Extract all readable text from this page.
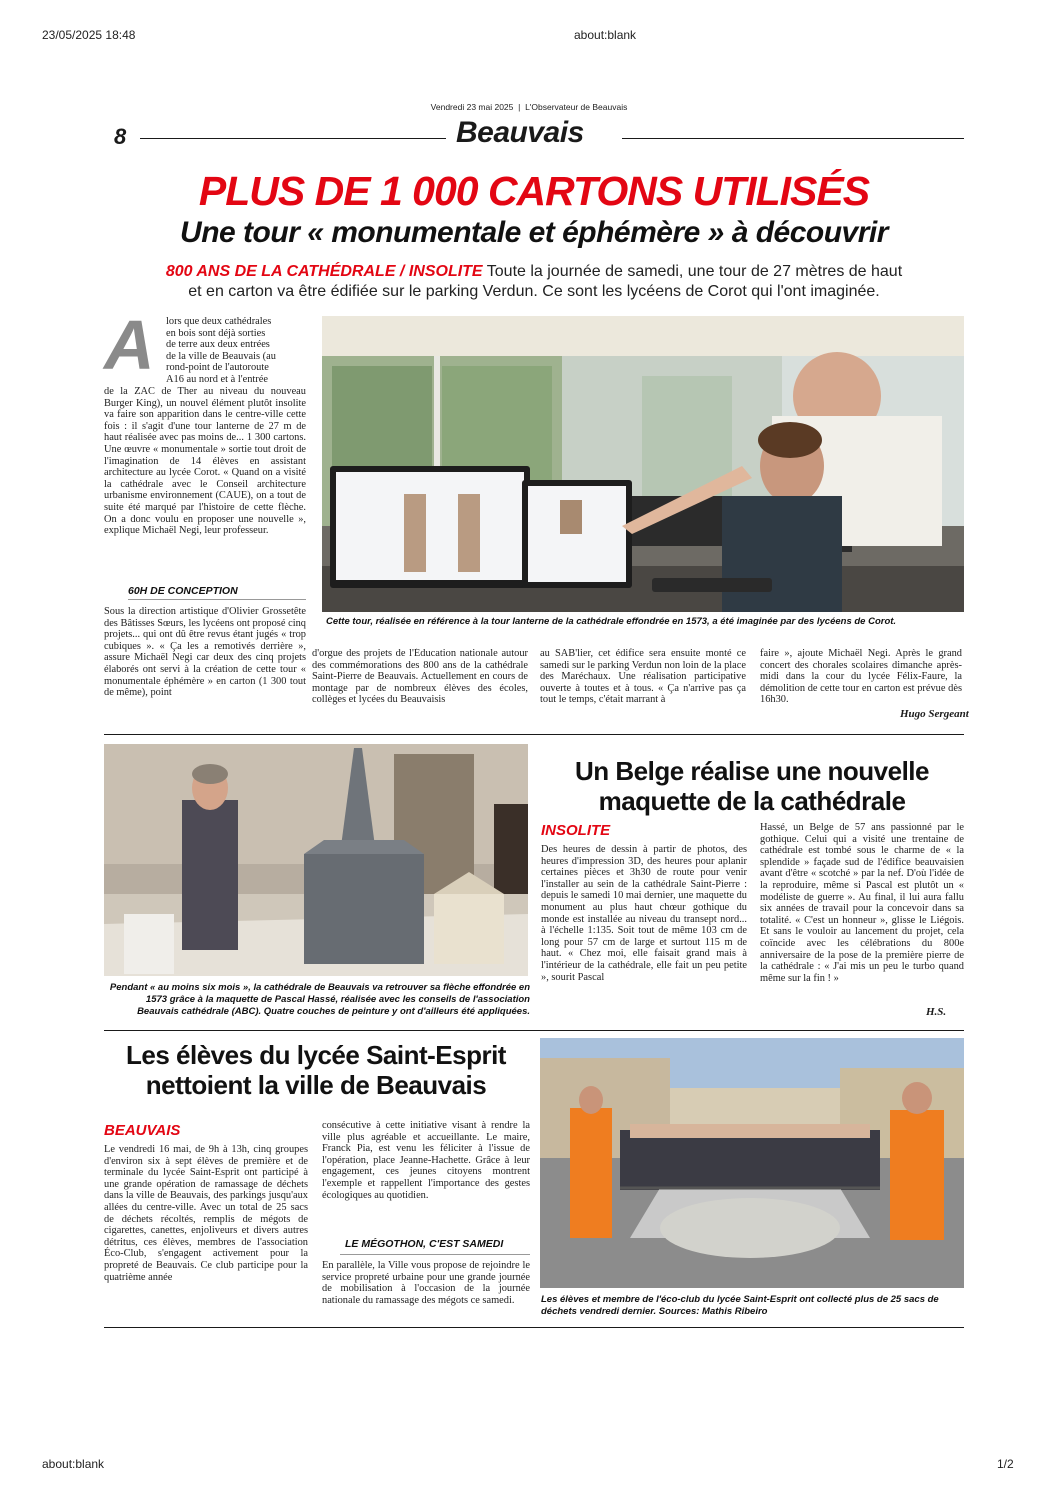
23/05/2025 18:48	about:blank
about:blank	1/2
Vendredi 23 mai 2025 | L'Observateur de Beauvais
8	Beauvais
PLUS DE 1 000 CARTONS UTILISÉS
Une tour « monumentale et éphémère » à découvrir
800 ANS DE LA CATHÉDRALE / INSOLITE Toute la journée de samedi, une tour de 27 mètres de haut
et en carton va être édifiée sur le parking Verdun. Ce sont les lycéens de Corot qui l'ont imaginée.
A lors que deux cathédrales
en bois sont déjà sorties
de terre aux deux entrées
de la ville de Beauvais (au
rond-point de l'autoroute
A16 au nord et à l'entrée
de la ZAC de Ther au niveau du nouveau Burger King), un nouvel élément plutôt insolite va faire son apparition dans le centre-ville cette fois : il s'agit d'une tour lanterne de 27 m de haut réalisée avec pas moins de... 1 300 cartons. Une œuvre « monumentale » sortie tout droit de l'imagination de 14 élèves en assistant architecture au lycée Corot. « Quand on a visité la cathédrale avec le Conseil architecture urbanisme environnement (CAUE), on a tout de suite été marqué par l'histoire de cette flèche. On a donc voulu en proposer une nouvelle », explique Michaël Negi, leur professeur.
60H DE CONCEPTION
Sous la direction artistique d'Olivier Grossetête des Bâtisses Sœurs, les lycéens ont proposé cinq projets... qui ont dû être revus étant jugés « trop cubiques ». « Ça les a remotivés derrière », assure Michaël Negi car deux des cinq projets élaborés ont servi à la création de cette tour « monumentale éphémère » en carton (1 300 tout de même), point
Cette tour, réalisée en référence à la tour lanterne de la cathédrale effondrée en 1573, a été imaginée par des lycéens de Corot.
d'orgue des projets de l'Éducation nationale autour des commémorations des 800 ans de la cathédrale Saint-Pierre de Beauvais. Actuellement en cours de montage par de nombreux élèves des écoles, collèges et lycées du Beauvaisis
au SAB'lier, cet édifice sera ensuite monté ce samedi sur le parking Verdun non loin de la place des Maréchaux. Une réalisation participative ouverte à toutes et à tous. « Ça n'arrive pas ça tout le temps, c'était marrant à
faire », ajoute Michaël Negi. Après le grand concert des chorales scolaires dimanche après-midi dans la cour du lycée Félix-Faure, la démolition de cette tour en carton est prévue dès 16h30.
Hugo Sergeant
Pendant « au moins six mois », la cathédrale de Beauvais va retrouver sa flèche effondrée en 1573 grâce à la maquette de Pascal Hassé, réalisée avec les conseils de l'association Beauvais cathédrale (ABC). Quatre couches de peinture y ont d'ailleurs été appliquées.
Un Belge réalise une nouvelle
maquette de la cathédrale
INSOLITE
Des heures de dessin à partir de photos, des heures d'impression 3D, des heures pour aplanir certaines pièces et 3h30 de route pour venir l'installer au sein de la cathédrale Saint-Pierre : depuis le samedi 10 mai dernier, une maquette du monument au plus haut chœur gothique du monde est installée au niveau du transept nord... à l'échelle 1:135. Soit tout de même 103 cm de long pour 57 cm de large et surtout 115 m de haut. « Chez moi, elle faisait grand mais à l'intérieur de la cathédrale, elle fait un peu petite », sourit Pascal
Hassé, un Belge de 57 ans passionné par le gothique. Celui qui a visité une trentaine de cathédrale est tombé sous le charme de « la splendide » façade sud de l'édifice beauvaisien avant d'être « scotché » par la nef. D'où l'idée de la reproduire, même si Pascal est plutôt un « modéliste de guerre ». Au final, il lui aura fallu six années de travail pour la concevoir dans sa totalité. « C'est un honneur », glisse le Liégois. Et sans le vouloir au lancement du projet, cela coïncide avec les célébrations du 800e anniversaire de la pose de la première pierre de la cathédrale : « J'ai mis un peu le turbo quand même sur la fin ! »
H.S.
Les élèves du lycée Saint-Esprit
nettoient la ville de Beauvais
BEAUVAIS
Le vendredi 16 mai, de 9h à 13h, cinq groupes d'environ six à sept élèves de première et de terminale du lycée Saint-Esprit ont participé à une grande opération de ramassage de déchets dans la ville de Beauvais, des parkings jusqu'aux allées du centre-ville. Avec un total de 25 sacs de déchets récoltés, remplis de mégots de cigarettes, canettes, enjoliveurs et divers autres détritus, ces élèves, membres de l'association Éco-Club, s'engagent activement pour la propreté de Beauvais. Ce club participe pour la quatrième année
consécutive à cette initiative visant à rendre la ville plus agréable et accueillante. Le maire, Franck Pia, est venu les féliciter à l'issue de l'opération, place Jeanne-Hachette. Grâce à leur engagement, ces jeunes citoyens montrent l'exemple et rappellent l'importance des gestes écologiques au quotidien.
LE MÉGOTHON, C'EST SAMEDI
En parallèle, la Ville vous propose de rejoindre le service propreté urbaine pour une grande journée de mobilisation à l'occasion de la journée nationale du ramassage des mégots ce samedi.	Les élèves et membre de l'éco-club du lycée Saint-Esprit ont collecté plus de 25 sacs de déchets vendredi dernier. Sources: Mathis Ribeiro
